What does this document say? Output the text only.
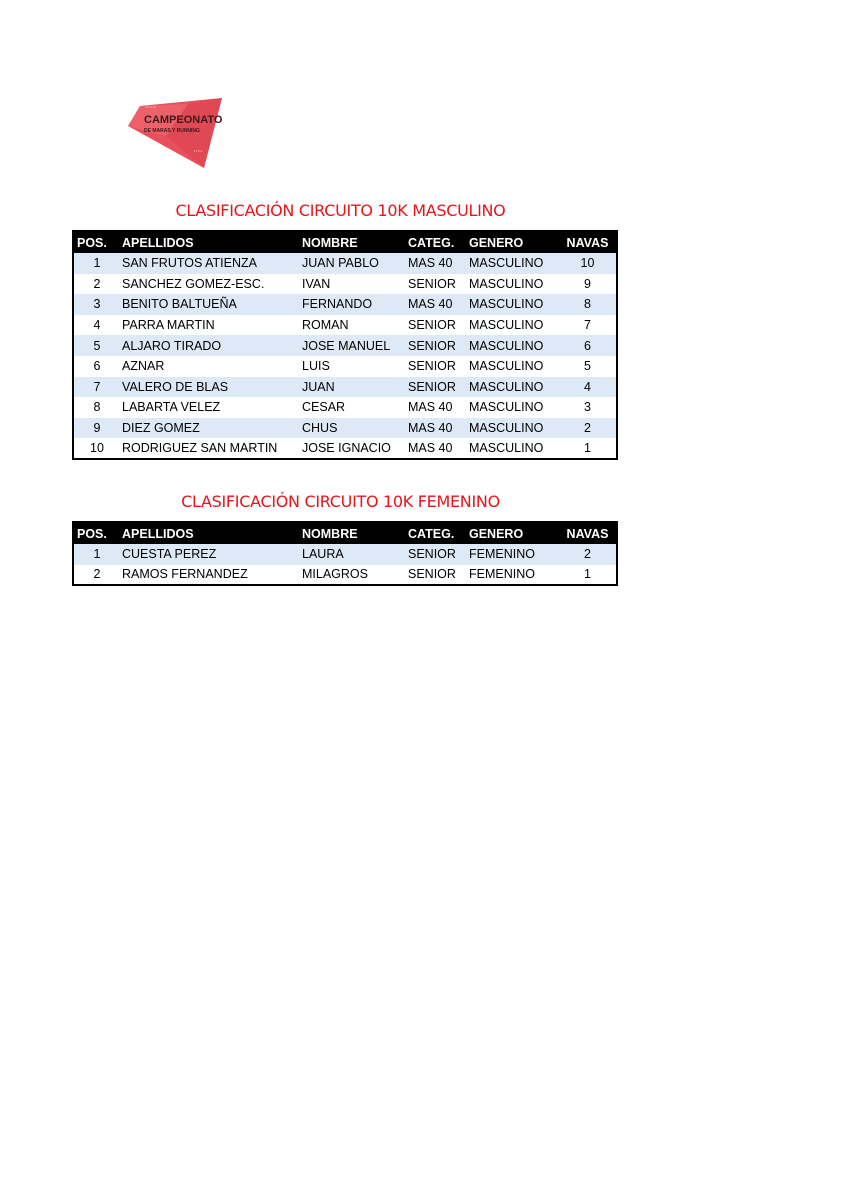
• • • • •
CAMPEONATO
DE MARAS Y RUNNING
• • • •
CLASIFICACIÓN CIRCUITO 10K MASCULINO
POS.	APELLIDOS	NOMBRE	CATEG.	GENERO	NAVAS
1	SAN FRUTOS ATIENZA	JUAN PABLO	MAS 40	MASCULINO	10
2	SANCHEZ GOMEZ-ESC.	IVAN	SENIOR	MASCULINO	9
3	BENITO BALTUEÑA	FERNANDO	MAS 40	MASCULINO	8
4	PARRA MARTIN	ROMAN	SENIOR	MASCULINO	7
5	ALJARO TIRADO	JOSE MANUEL	SENIOR	MASCULINO	6
6	AZNAR	LUIS	SENIOR	MASCULINO	5
7	VALERO DE BLAS	JUAN	SENIOR	MASCULINO	4
8	LABARTA VELEZ	CESAR	MAS 40	MASCULINO	3
9	DIEZ GOMEZ	CHUS	MAS 40	MASCULINO	2
10	RODRIGUEZ SAN MARTIN	JOSE IGNACIO	MAS 40	MASCULINO	1
CLASIFICACIÓN CIRCUITO 10K FEMENINO
POS.	APELLIDOS	NOMBRE	CATEG.	GENERO	NAVAS
1	CUESTA PEREZ	LAURA	SENIOR	FEMENINO	2
2	RAMOS FERNANDEZ	MILAGROS	SENIOR	FEMENINO	1
